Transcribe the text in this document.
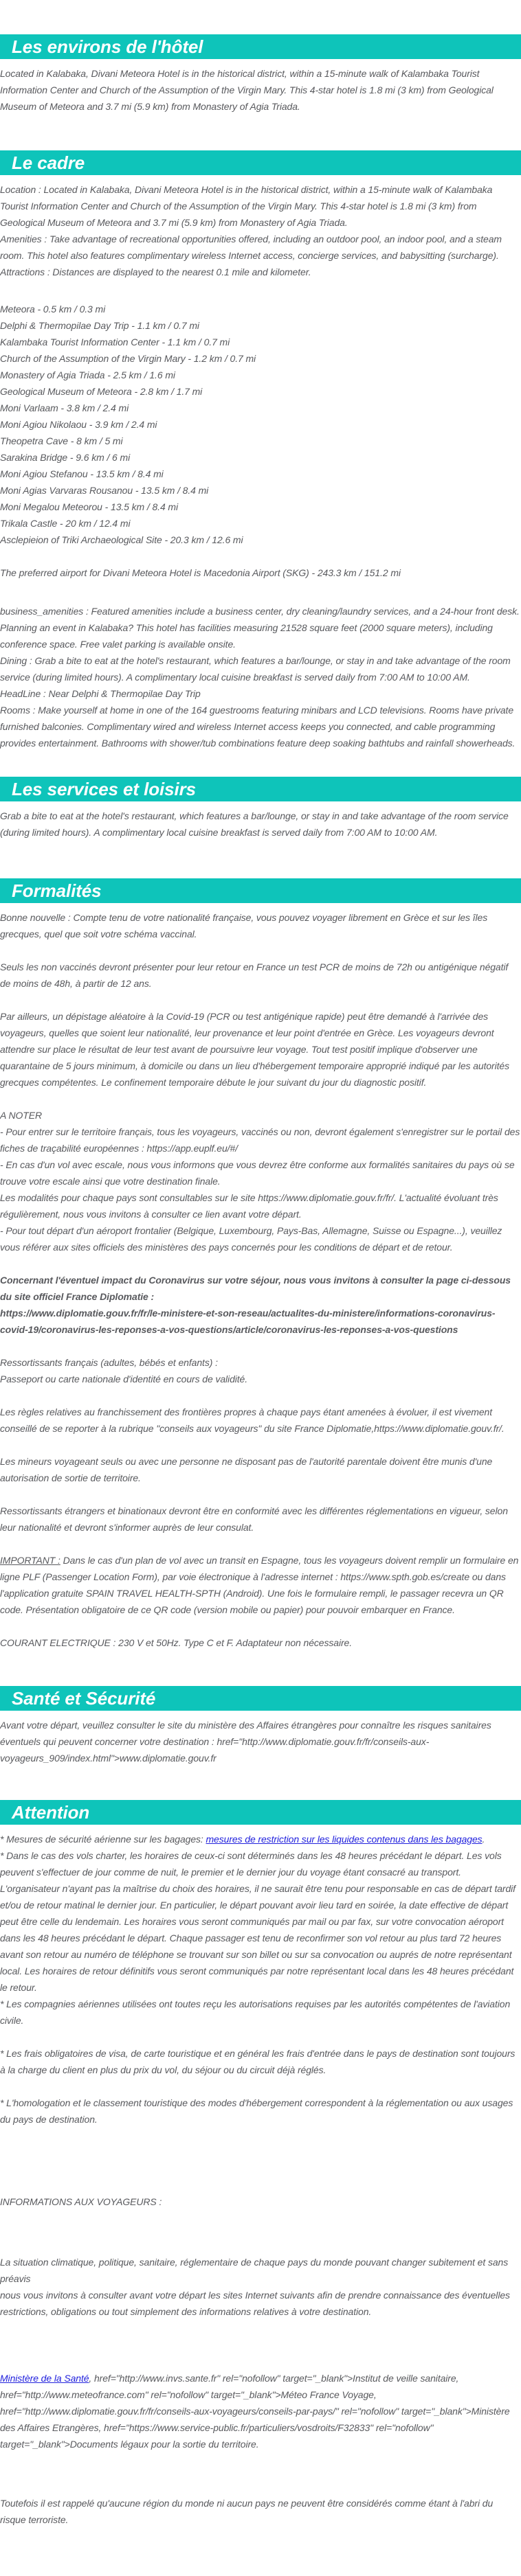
Les environs de l'hôtel

Located in Kalabaka, Divani Meteora Hotel is in the historical district, within a 15-minute walk of Kalambaka Tourist Information Center and Church of the Assumption of the Virgin Mary. This 4-star hotel is 1.8 mi (3 km) from Geological Museum of Meteora and 3.7 mi (5.9 km) from Monastery of Agia Triada.

Le cadre
Location : Located in Kalabaka, Divani Meteora Hotel is in the historical district, within a 15-minute walk of Kalambaka Tourist Information Center and Church of the Assumption of the Virgin Mary. This 4-star hotel is 1.8 mi (3 km) from Geological Museum of Meteora and 3.7 mi (5.9 km) from Monastery of Agia Triada.
Amenities : Take advantage of recreational opportunities offered, including an outdoor pool, an indoor pool, and a steam room. This hotel also features complimentary wireless Internet access, concierge services, and babysitting (surcharge).
Attractions : Distances are displayed to the nearest 0.1 mile and kilometer.
Meteora - 0.5 km / 0.3 mi
Delphi & Thermopilae Day Trip - 1.1 km / 0.7 mi
Kalambaka Tourist Information Center - 1.1 km / 0.7 mi
Church of the Assumption of the Virgin Mary - 1.2 km / 0.7 mi
Monastery of Agia Triada - 2.5 km / 1.6 mi
Geological Museum of Meteora - 2.8 km / 1.7 mi
Moni Varlaam - 3.8 km / 2.4 mi
Moni Agiou Nikolaou - 3.9 km / 2.4 mi
Theopetra Cave - 8 km / 5 mi
Sarakina Bridge - 9.6 km / 6 mi
Moni Agiou Stefanou - 13.5 km / 8.4 mi
Moni Agias Varvaras Rousanou - 13.5 km / 8.4 mi
Moni Megalou Meteorou - 13.5 km / 8.4 mi
Trikala Castle - 20 km / 12.4 mi
Asclepieion of Triki Archaeological Site - 20.3 km / 12.6 mi

The preferred airport for Divani Meteora Hotel is Macedonia Airport (SKG) - 243.3 km / 151.2 mi

business_amenities : Featured amenities include a business center, dry cleaning/laundry services, and a 24-hour front desk. Planning an event in Kalabaka? This hotel has facilities measuring 21528 square feet (2000 square meters), including conference space. Free valet parking is available onsite.
Dining : Grab a bite to eat at the hotel's restaurant, which features a bar/lounge, or stay in and take advantage of the room service (during limited hours). A complimentary local cuisine breakfast is served daily from 7:00 AM to 10:00 AM.
HeadLine : Near Delphi & Thermopilae Day Trip
Rooms : Make yourself at home in one of the 164 guestrooms featuring minibars and LCD televisions. Rooms have private furnished balconies. Complimentary wired and wireless Internet access keeps you connected, and cable programming provides entertainment. Bathrooms with shower/tub combinations feature deep soaking bathtubs and rainfall showerheads.
Les services et loisirs

Grab a bite to eat at the hotel's restaurant, which features a bar/lounge, or stay in and take advantage of the room service (during limited hours). A complimentary local cuisine breakfast is served daily from 7:00 AM to 10:00 AM.

Formalités

Bonne nouvelle : Compte tenu de votre nationalité française, vous pouvez voyager librement en Grèce et sur les îles grecques, quel que soit votre schéma vaccinal.

Seuls les non vaccinés devront présenter pour leur retour en France un test PCR de moins de 72h ou antigénique négatif de moins de 48h, à partir de 12 ans.

Par ailleurs, un dépistage aléatoire à la Covid-19 (PCR ou test antigénique rapide) peut être demandé à l'arrivée des voyageurs, quelles que soient leur nationalité, leur provenance et leur point d'entrée en Grèce. Les voyageurs devront attendre sur place le résultat de leur test avant de poursuivre leur voyage. Tout test positif implique d'observer une quarantaine de 5 jours minimum, à domicile ou dans un lieu d'hébergement temporaire approprié indiqué par les autorités grecques compétentes. Le confinement temporaire débute le jour suivant du jour du diagnostic positif.

A NOTER
- Pour entrer sur le territoire français, tous les voyageurs, vaccinés ou non, devront également s'enregistrer sur le portail des fiches de traçabilité européennes : https://app.euplf.eu/#/
- En cas d'un vol avec escale, nous vous informons que vous devrez être conforme aux formalités sanitaires du pays où se trouve votre escale ainsi que votre destination finale.
Les modalités pour chaque pays sont consultables sur le site https://www.diplomatie.gouv.fr/fr/. L'actualité évoluant très régulièrement, nous vous invitons à consulter ce lien avant votre départ.
- Pour tout départ d'un aéroport frontalier (Belgique, Luxembourg, Pays-Bas, Allemagne, Suisse ou Espagne...), veuillez vous référer aux sites officiels des ministères des pays concernés pour les conditions de départ et de retour.
Concernant l'éventuel impact du Coronavirus sur votre séjour, nous vous invitons à consulter la page ci-dessous du site officiel France Diplomatie :
https://www.diplomatie.gouv.fr/fr/le-ministere-et-son-reseau/actualites-du-ministere/informations-coronavirus-covid-19/coronavirus-les-reponses-a-vos-questions/article/coronavirus-les-reponses-a-vos-questions
Ressortissants français (adultes, bébés et enfants) :
Passeport ou carte nationale d'identité en cours de validité.

Les règles relatives au franchissement des frontières propres à chaque pays étant amenées à évoluer, il est vivement conseillé de se reporter à la rubrique "conseils aux voyageurs" du site France Diplomatie,https://www.diplomatie.gouv.fr/.

Les mineurs voyageant seuls ou avec une personne ne disposant pas de l'autorité parentale doivent être munis d'une autorisation de sortie de territoire.

Ressortissants étrangers et binationaux devront être en conformité avec les différentes réglementations en vigueur, selon leur nationalité et devront s'informer auprès de leur consulat.

IMPORTANT : Dans le cas d'un plan de vol avec un transit en Espagne, tous les voyageurs doivent remplir un formulaire en ligne PLF (Passenger Location Form), par voie électronique à l'adresse internet : https://www.spth.gob.es/create ou dans l'application gratuite SPAIN TRAVEL HEALTH-SPTH (Android). Une fois le formulaire rempli, le passager recevra un QR code. Présentation obligatoire de ce QR code (version mobile ou papier) pour pouvoir embarquer en France.

COURANT ELECTRIQUE : 230 V et 50Hz. Type C et F. Adaptateur non nécessaire.

Santé et Sécurité

Avant votre départ, veuillez consulter le site du ministère des Affaires étrangères pour connaître les risques sanitaires éventuels qui peuvent concerner votre destination : href="http://www.diplomatie.gouv.fr/fr/conseils-aux-voyageurs_909/index.html">www.diplomatie.gouv.fr

Attention
* Mesures de sécurité aérienne sur les bagages: mesures de restriction sur les liquides contenus dans les bagages.
* Dans le cas des vols charter, les horaires de ceux-ci sont déterminés dans les 48 heures précédant le départ. Les vols peuvent s'effectuer de jour comme de nuit, le premier et le dernier jour du voyage étant consacré au transport. L'organisateur n'ayant pas la maîtrise du choix des horaires, il ne saurait être tenu pour responsable en cas de départ tardif et/ou de retour matinal le dernier jour. En particulier, le départ pouvant avoir lieu tard en soirée, la date effective de départ peut être celle du lendemain. Les horaires vous seront communiqués par mail ou par fax, sur votre convocation aéroport dans les 48 heures précédant le départ. Chaque passager est tenu de reconfirmer son vol retour au plus tard 72 heures avant son retour au numéro de téléphone se trouvant sur son billet ou sur sa convocation ou auprés de notre représentant local. Les horaires de retour définitifs vous seront communiqués par notre représentant local dans les 48 heures précédant le retour.
* Les compagnies aériennes utilisées ont toutes reçu les autorisations requises par les autorités compétentes de l'aviation civile.

* Les frais obligatoires de visa, de carte touristique et en général les frais d'entrée dans le pays de destination sont toujours à la charge du client en plus du prix du vol, du séjour ou du circuit déjà réglés.

* L'homologation et le classement touristique des modes d'hébergement correspondent à la réglementation ou aux usages du pays de destination.

INFORMATIONS AUX VOYAGEURS :

La situation climatique, politique, sanitaire, réglementaire de chaque pays du monde pouvant changer subitement et sans préavis
nous vous invitons à consulter avant votre départ les sites Internet suivants afin de prendre connaissance des éventuelles restrictions, obligations ou tout simplement des informations relatives à votre destination.

Ministère de la Santé, href="http://www.invs.sante.fr" rel="nofollow" target="_blank">Institut de veille sanitaire, href="http://www.meteofrance.com" rel="nofollow" target="_blank">Méteo France Voyage, href="http://www.diplomatie.gouv.fr/fr/conseils-aux-voyageurs/conseils-par-pays/" rel="nofollow" target="_blank">Ministère des Affaires Etrangères, href="https://www.service-public.fr/particuliers/vosdroits/F32833" rel="nofollow" target="_blank">Documents légaux pour la sortie du territoire.

Toutefois il est rappelé qu'aucune région du monde ni aucun pays ne peuvent être considérés comme étant à l'abri du risque terroriste.
